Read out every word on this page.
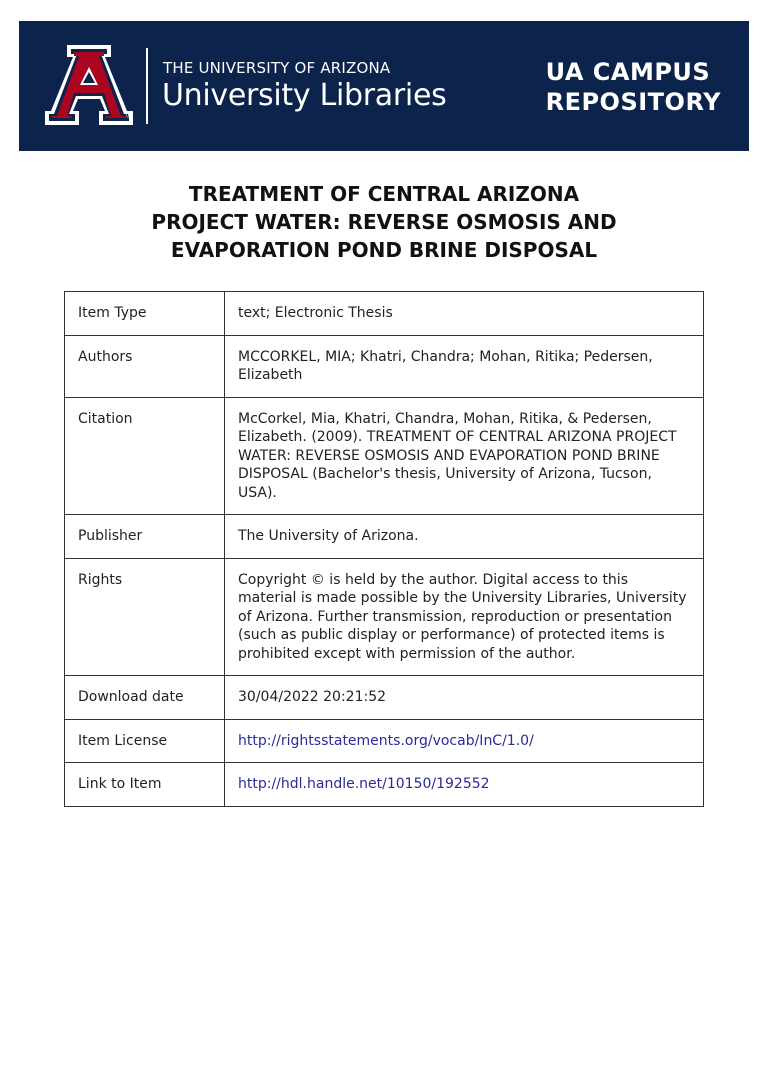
®
THE UNIVERSITY OF ARIZONA
University Libraries
UA CAMPUS
REPOSITORY
TREATMENT OF CENTRAL ARIZONA
PROJECT WATER: REVERSE OSMOSIS AND
EVAPORATION POND BRINE DISPOSAL
Item Type	text; Electronic Thesis
Authors	MCCORKEL, MIA; Khatri, Chandra; Mohan, Ritika; Pedersen, Elizabeth
Citation	McCorkel, Mia, Khatri, Chandra, Mohan, Ritika, & Pedersen, Elizabeth. (2009). TREATMENT OF CENTRAL ARIZONA PROJECT WATER: REVERSE OSMOSIS AND EVAPORATION POND BRINE DISPOSAL (Bachelor's thesis, University of Arizona, Tucson, USA).
Publisher	The University of Arizona.
Rights	Copyright © is held by the author. Digital access to this material is made possible by the University Libraries, University of Arizona. Further transmission, reproduction or presentation (such as public display or performance) of protected items is prohibited except with permission of the author.
Download date	30/04/2022 20:21:52
Item License	http://rightsstatements.org/vocab/InC/1.0/
Link to Item	http://hdl.handle.net/10150/192552
